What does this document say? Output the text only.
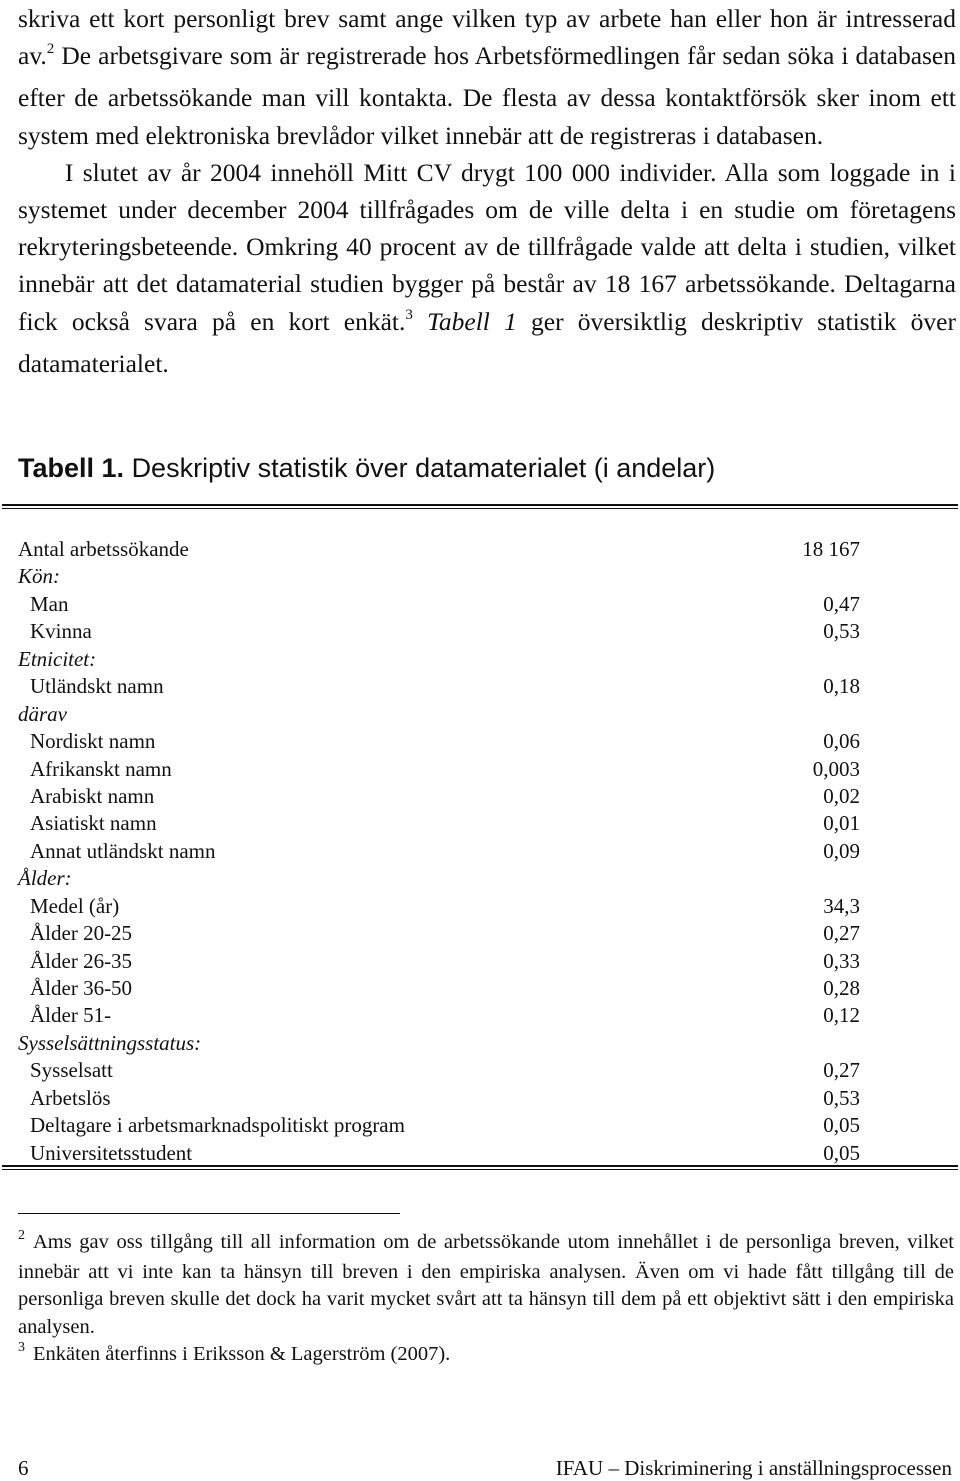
skriva ett kort personligt brev samt ange vilken typ av arbete han eller hon är intresserad av.$^2$ De arbetsgivare som är registrerade hos Arbetsförmedlingen får sedan söka i databasen efter de arbetssökande man vill kontakta. De flesta av dessa kontaktförsök sker inom ett system med elektroniska brevlådor vilket innebär att de registreras i databasen.

I slutet av år 2004 innehöll Mitt CV drygt 100 000 individer. Alla som loggade in i systemet under december 2004 tillfrågades om de ville delta i en studie om företagens rekryteringsbeteende. Omkring 40 procent av de tillfrågade valde att delta i studien, vilket innebär att det datamaterial studien bygger på består av 18 167 arbetssökande. Deltagarna fick också svara på en kort enkät.$^3$ Tabell 1 ger översiktlig deskriptiv statistik över datamaterialet.

Tabell 1. Deskriptiv statistik över datamaterialet (i andelar)
Antal arbetssökande	18 167
Kön:
Man	0,47
Kvinna	0,53
Etnicitet:
Utländskt namn	0,18
därav
Nordiskt namn	0,06
Afrikanskt namn	0,003
Arabiskt namn	0,02
Asiatiskt namn	0,01
Annat utländskt namn	0,09
Ålder:
Medel (år)	34,3
Ålder 20-25	0,27
Ålder 26-35	0,33
Ålder 36-50	0,28
Ålder 51-	0,12
Sysselsättningsstatus:
Sysselsatt	0,27
Arbetslös	0,53
Deltagare i arbetsmarknadspolitiskt program	0,05
Universitetsstudent	0,05

$^2$ Ams gav oss tillgång till all information om de arbetssökande utom innehållet i de personliga breven, vilket innebär att vi inte kan ta hänsyn till breven i den empiriska analysen. Även om vi hade fått tillgång till de personliga breven skulle det dock ha varit mycket svårt att ta hänsyn till dem på ett objektivt sätt i den empiriska analysen.

$^3$ Enkäten återfinns i Eriksson & Lagerström (2007).

6	IFAU – Diskriminering i anställningsprocessen
